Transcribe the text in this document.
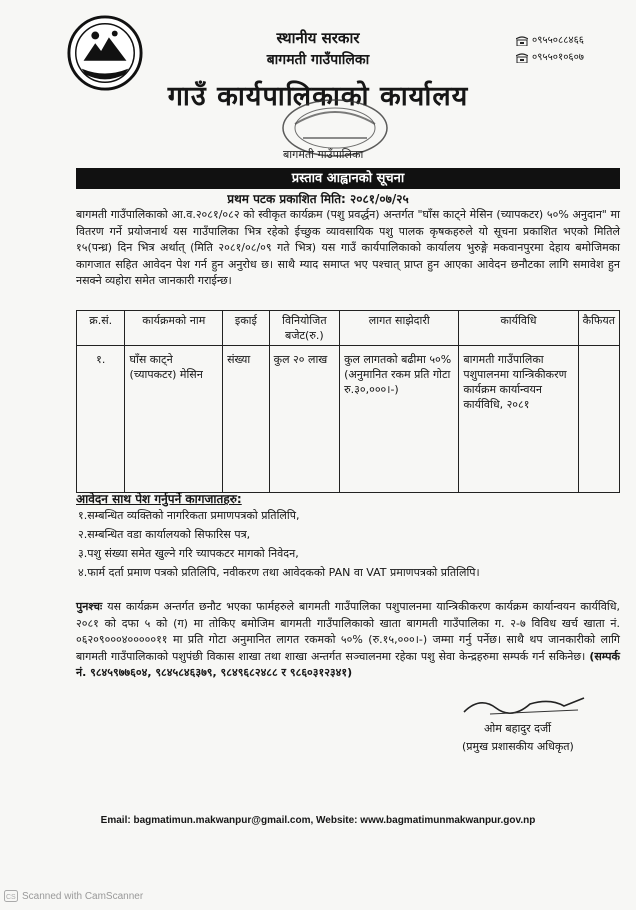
स्थानीय सरकार
बागमती गाउँपालिका
गाउँ कार्यपालिकाको कार्यालय
०९५५०८८४६६
०९५५०१०६०७
बागमती गाउँपालिका
प्रस्ताव आह्वानको सूचना
प्रथम पटक प्रकाशित मिति: २०८१/०७/२५
बागमती गाउँपालिकाको आ.व.२०८१/०८२ को स्वीकृत कार्यक्रम (पशु प्रवर्द्धन) अन्तर्गत "घाँस काट्ने मेसिन (च्यापकटर) ५०% अनुदान" मा वितरण गर्ने प्रयोजनार्थ यस गाउँपालिका भित्र रहेको ईच्छुक व्यावसायिक पशु पालक कृषकहरुले यो सूचना प्रकाशित भएको मितिले १५(पन्ध्र) दिन भित्र अर्थात् (मिति २०८१/०८/०९ गते भित्र) यस गाउँ कार्यपालिकाको कार्यालय भुरुङ्गे मकवानपुरमा देहाय बमोजिमका कागजात सहित आवेदन पेश गर्न हुन अनुरोध छ। साथै म्याद समाप्त भए पश्चात् प्राप्त हुन आएका आवेदन छनौटका लागि समावेश हुन नसक्ने व्यहोरा समेत जानकारी गराईन्छ।
क्र.सं.	कार्यक्रमको नाम	इकाई	विनियोजित बजेट(रु.)	लागत साझेदारी	कार्यविधि	कैफियत
१.	घाँस काट्ने (च्यापकटर) मेसिन	संख्या	कुल २० लाख	कुल लागतको बढीमा ५०% (अनुमानित रकम प्रति गोटा रु.३०,०००।-)	बागमती गाउँपालिका पशुपालनमा यान्त्रिकीकरण कार्यक्रम कार्यान्वयन कार्यविधि, २०८१	
आवेदन साथ पेश गर्नुपर्ने कागजातहरु:
१.सम्बन्धित व्यक्तिको नागरिकता प्रमाणपत्रको प्रतिलिपि,
२.सम्बन्धित वडा कार्यालयको सिफारिस पत्र,
३.पशु संख्या समेत खुल्ने गरि च्यापकटर मागको निवेदन,
४.फार्म दर्ता प्रमाण पत्रको प्रतिलिपि, नवीकरण तथा आवेदकको PAN वा VAT प्रमाणपत्रको प्रतिलिपि।
पुनश्चः यस कार्यक्रम अन्तर्गत छनौट भएका फार्महरुले बागमती गाउँपालिका पशुपालनमा यान्त्रिकीकरण कार्यक्रम कार्यान्वयन कार्यविधि, २०८१ को दफा ५ को (ग) मा तोकिए बमोजिम बागमती गाउँपालिकाको खाता बागमती गाउँपालिका ग. २-७ विविध खर्च खाता नं. ०६२०९०००४०००००११ मा प्रति गोटा अनुमानित लागत रकमको ५०% (रु.१५,०००।-) जम्मा गर्नु पर्नेछ। साथै थप जानकारीको लागि बागमती गाउँपालिकाको पशुपंछी विकास शाखा तथा शाखा अन्तर्गत सञ्चालनमा रहेका पशु सेवा केन्द्रहरुमा सम्पर्क गर्न सकिनेछ। (सम्पर्क नं. ९८४५९७७६०४, ९८४५८४६३७९, ९८४९६८२४८८ र ९८६०३१२३४१)
ओम बहादुर दर्जी
(प्रमुख प्रशासकीय अधिकृत)
Email: bagmatimun.makwanpur@gmail.com, Website: www.bagmatimunmakwanpur.gov.np
CS Scanned with CamScanner
